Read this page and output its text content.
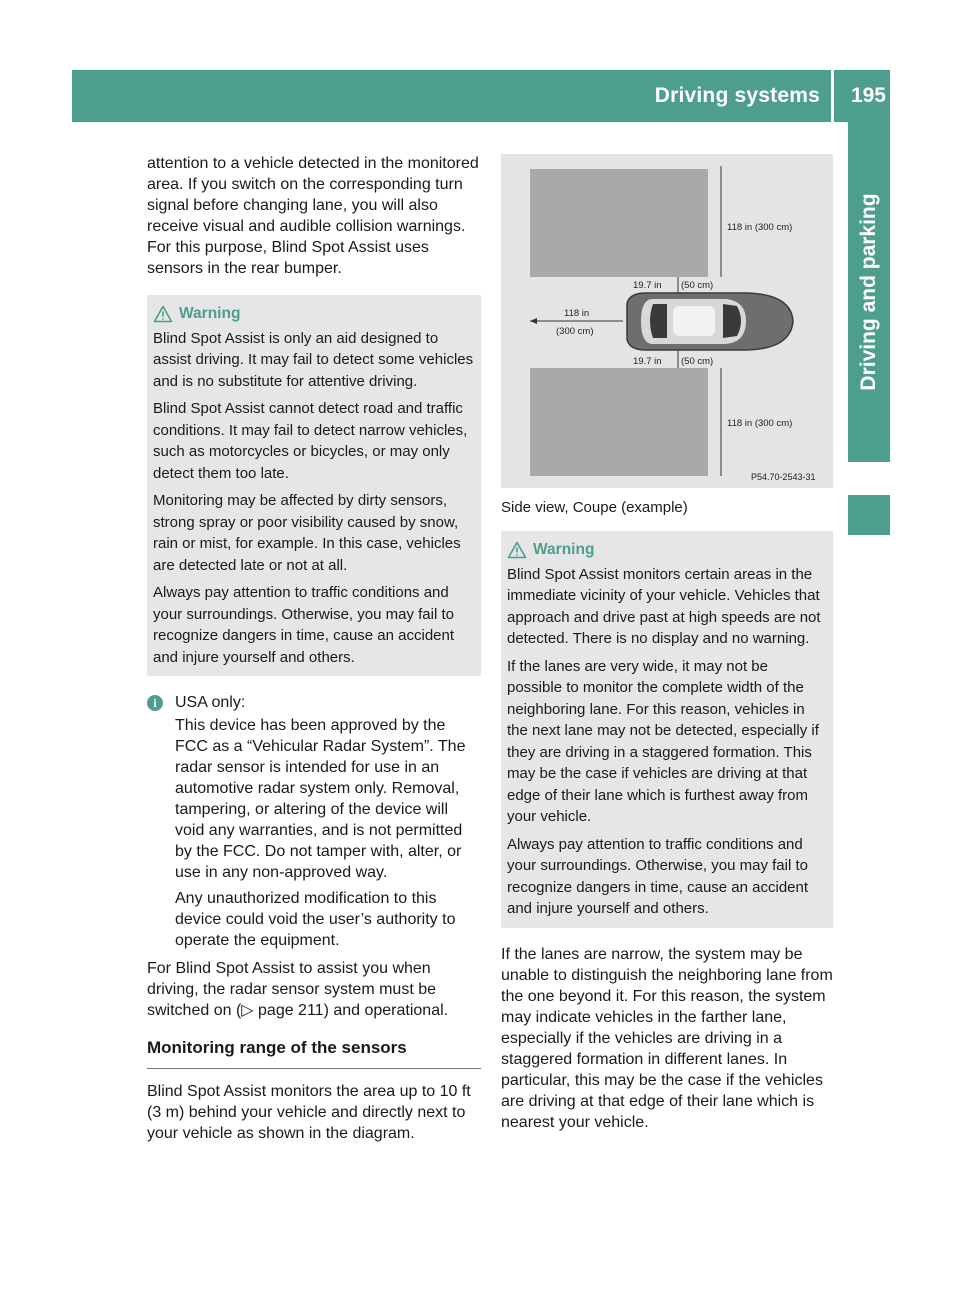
Driving systems 195
Driving and parking

attention to a vehicle detected in the monitored area. If you switch on the corresponding turn signal before changing lane, you will also receive visual and audible collision warnings. For this purpose, Blind Spot Assist uses sensors in the rear bumper.

Warning

Blind Spot Assist is only an aid designed to assist driving. It may fail to detect some vehicles and is no substitute for attentive driving.

Blind Spot Assist cannot detect road and traffic conditions. It may fail to detect narrow vehicles, such as motorcycles or bicycles, or may only detect them too late.

Monitoring may be affected by dirty sensors, strong spray or poor visibility caused by snow, rain or mist, for example. In this case, vehicles are detected late or not at all.

Always pay attention to traffic conditions and your surroundings. Otherwise, you may fail to recognize dangers in time, cause an accident and injure yourself and others.

i	USA only:

This device has been approved by the FCC as a “Vehicular Radar System”. The radar sensor is intended for use in an automotive radar system only. Removal, tampering, or altering of the device will void any warranties, and is not permitted by the FCC. Do not tamper with, alter, or use in any non-approved way.

Any unauthorized modification to this device could void the user’s authority to operate the equipment.

For Blind Spot Assist to assist you when driving, the radar sensor system must be switched on (▷ page 211) and operational.

Monitoring range of the sensors

Blind Spot Assist monitors the area up to 10 ft (3 m) behind your vehicle and directly next to your vehicle as shown in the diagram.

118 in (300 cm)
19.7 in (50 cm)
118 in
(300 cm)
19.7 in (50 cm)
118 in (300 cm)
P54.70-2543-31

Side view, Coupe (example)

Warning

Blind Spot Assist monitors certain areas in the immediate vicinity of your vehicle. Vehicles that approach and drive past at high speeds are not detected. There is no display and no warning.

If the lanes are very wide, it may not be possible to monitor the complete width of the neighboring lane. For this reason, vehicles in the next lane may not be detected, especially if they are driving in a staggered formation. This may be the case if vehicles are driving at that edge of their lane which is furthest away from your vehicle.

Always pay attention to traffic conditions and your surroundings. Otherwise, you may fail to recognize dangers in time, cause an accident and injure yourself and others.

If the lanes are narrow, the system may be unable to distinguish the neighboring lane from the one beyond it. For this reason, the system may indicate vehicles in the farther lane, especially if the vehicles are driving in a staggered formation in different lanes. In particular, this may be the case if the vehicles are driving at that edge of their lane which is nearest your vehicle.
